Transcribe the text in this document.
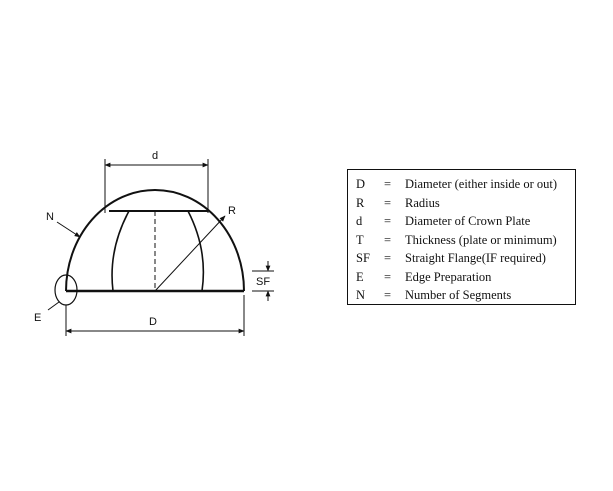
d
N	R
SF
E	D
D	=	Diameter (either inside or out)
R	=	Radius
d	=	Diameter of Crown Plate
T	=	Thickness (plate or minimum)
SF	=	Straight Flange(IF required)
E	=	Edge Preparation
N	=	Number of Segments
